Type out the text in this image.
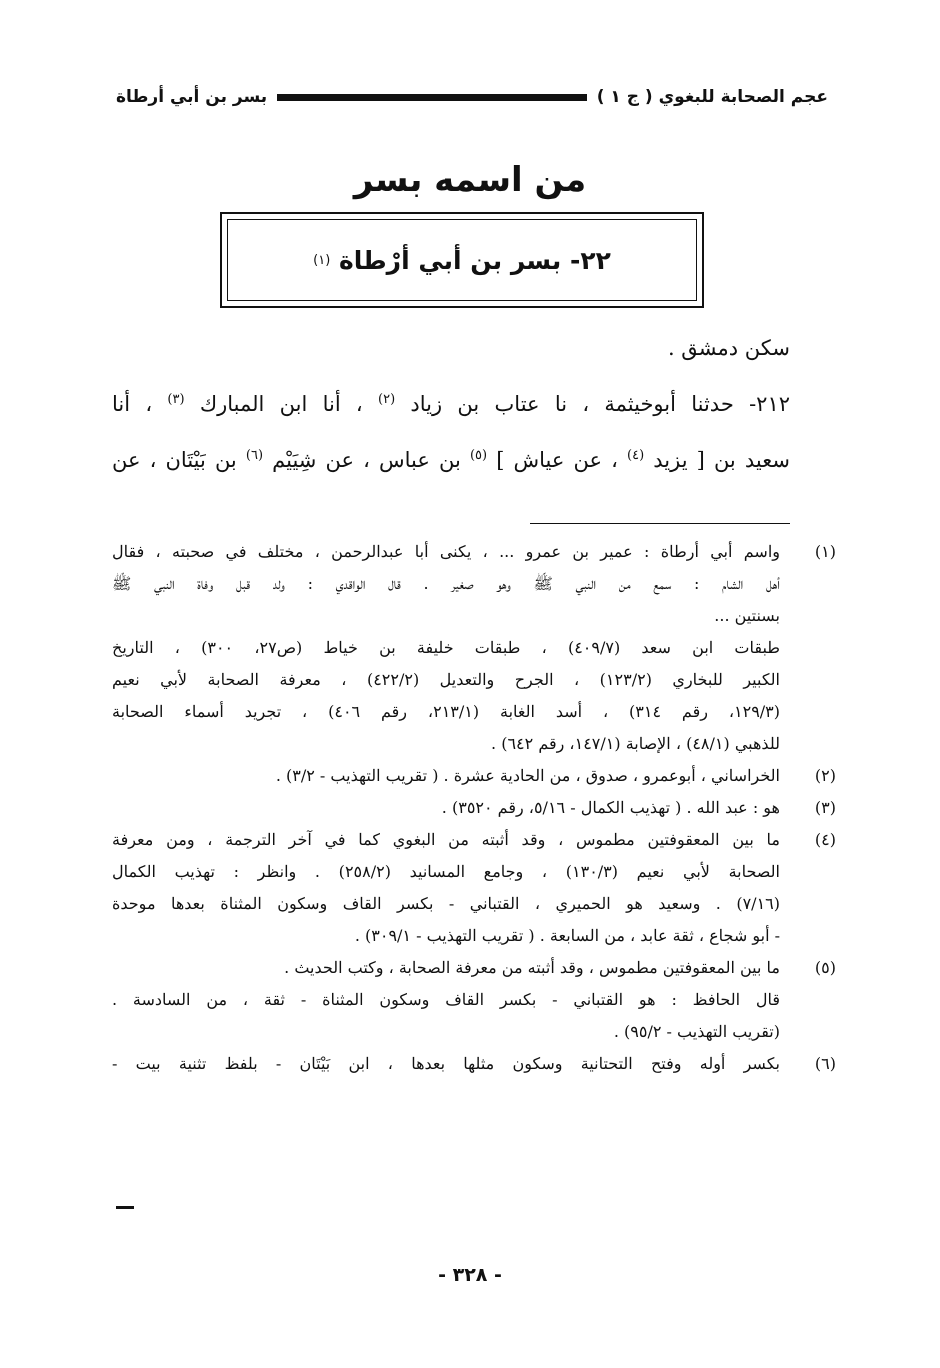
عجم الصحابة للبغوي ( ج ١ )
بسر بن أبي أرطاة
من اسمه بسر
٢٢- بسر بن أبي أرْطاة

(١)

سكن دمشق .

٢١٢- حدثنا أبوخيثمة ، نا عتاب بن زياد $^{(٢)}$ ، أنا ابن المبارك $^{(٣)}$ ، أنا

سعيد بن [ يزيد $^{(٤)}$ ، عن عياش ] $^{(٥)}$ بن عباس ، عن شِيَيْم $^{(٦)}$ بن بَيْتَان ، عن

(١)

واسم أبي أرطاة : عمير بن عمرو ... ، يكنى أبا عبدالرحمن ، مختلف في صحبته ، فقال

أهل الشام : سمع من النبي ﷺ وهو صغير . قال الواقدي : ولد قبل وفاة النبي ﷺ

بسنتين ...

طبقات ابن سعد (٤٠٩/٧) ، طبقات خليفة بن خياط (ص٢٧، ٣٠٠) ، التاريخ

الكبير للبخاري (١٢٣/٢) ، الجرح والتعديل (٤٢٢/٢) ، معرفة الصحابة لأبي نعيم

(١٢٩/٣، رقم ٣١٤) ، أسد الغابة (٢١٣/١، رقم ٤٠٦) ، تجريد أسماء الصحابة

للذهبي (٤٨/١) ، الإصابة (١٤٧/١، رقم ٦٤٢) .

(٢)

الخراساني ، أبوعمرو ، صدوق ، من الحادية عشرة . ( تقريب التهذيب - ٣/٢) .

(٣)

هو : عبد الله . ( تهذيب الكمال - ٥/١٦، رقم ٣٥٢٠) .

(٤)

ما بين المعقوفتين مطموس ، وقد أثبته من البغوي كما في آخر الترجمة ، ومن معرفة

الصحابة لأبي نعيم (١٣٠/٣) ، وجامع المسانيد (٢٥٨/٢) . وانظر : تهذيب الكمال

(٧/١٦) . وسعيد هو الحميري ، القتباني - بكسر القاف وسكون المثناة بعدها موحدة

- أبو شجاع ، ثقة عابد ، من السابعة . ( تقريب التهذيب - ٣٠٩/١) .

(٥)

ما بين المعقوفتين مطموس ، وقد أثبته من معرفة الصحابة ، وكتب الحديث .

قال الحافظ : هو القتباني - بكسر القاف وسكون المثناة - ثقة ، من السادسة .

(تقريب التهذيب - ٩٥/٢) .

(٦)

بكسر أوله وفتح التحتانية وسكون مثلها بعدها ، ابن بَيْتَان - بلفظ تثنية بيت -

- ٣٢٨ -
